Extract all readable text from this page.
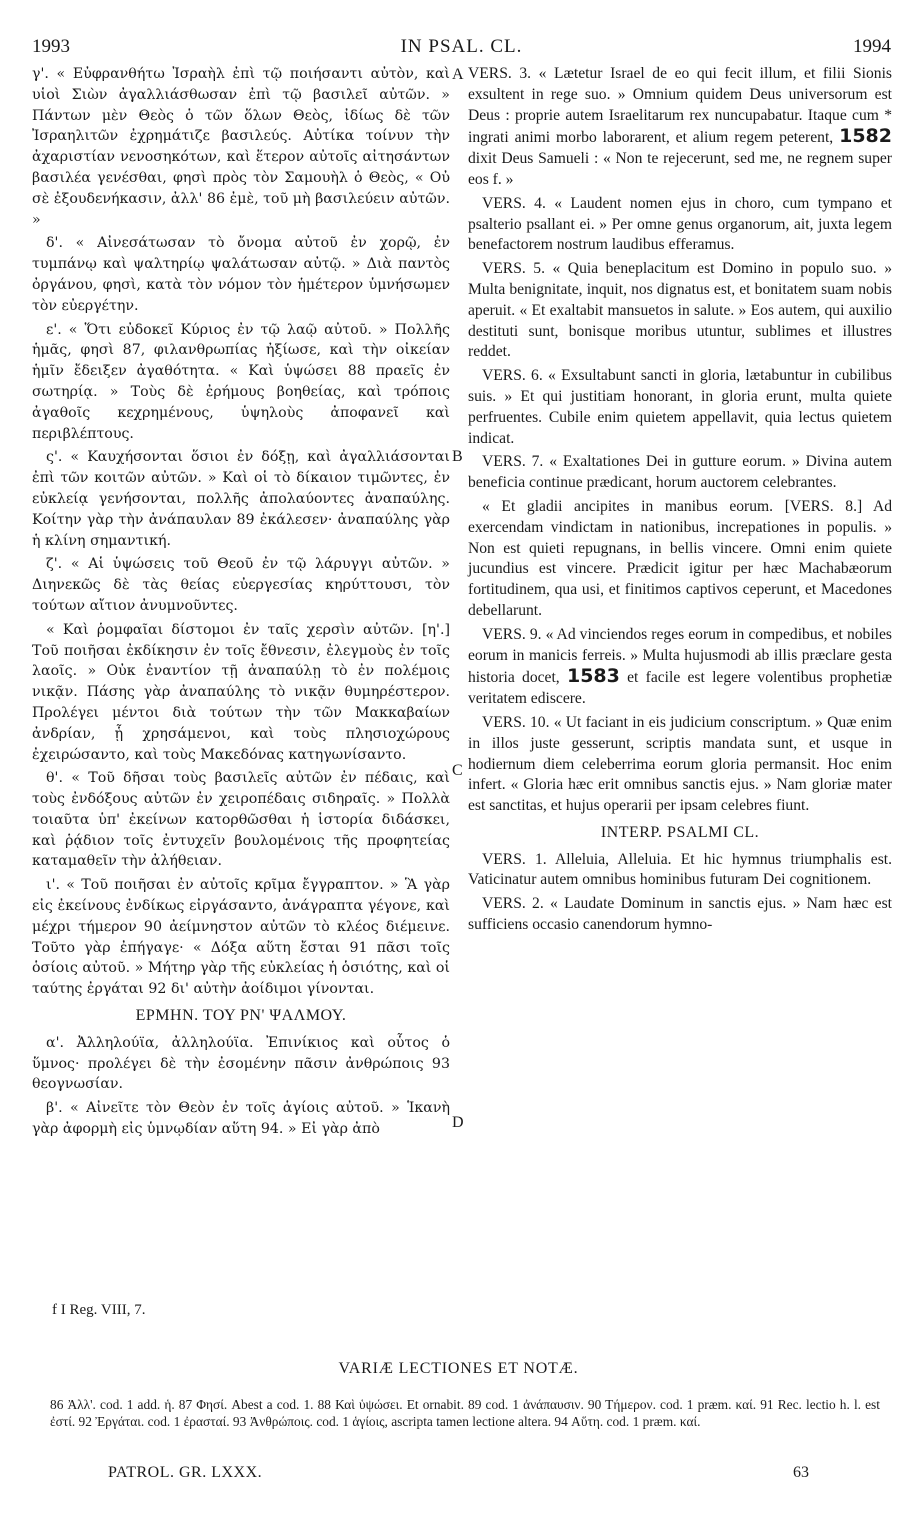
1993	IN PSAL. CL.	1994

γ'. « Εὐφρανθήτω Ἰσραὴλ ἐπὶ τῷ ποιήσαντι αὐτὸν, καὶ υἱοὶ Σιὼν ἀγαλλιάσθωσαν ἐπὶ τῷ βασιλεῖ αὐτῶν. » Πάντων μὲν Θεὸς ὁ τῶν ὅλων Θεὸς, ἰδίως δὲ τῶν Ἰσραηλιτῶν ἐχρημάτιζε βασιλεύς. Αὐτίκα τοίνυν τὴν ἀχαριστίαν νενοσηκότων, καὶ ἕτερον αὐτοῖς αἰτησάντων βασιλέα γενέσθαι, φησὶ πρὸς τὸν Σαμουὴλ ὁ Θεὸς, « Οὐ σὲ ἐξουδενήκασιν, ἀλλ' 86 ἐμὲ, τοῦ μὴ βασιλεύειν αὐτῶν. »

δ'. « Αἰνεσάτωσαν τὸ ὄνομα αὐτοῦ ἐν χορῷ, ἐν τυμπάνῳ καὶ ψαλτηρίῳ ψαλάτωσαν αὐτῷ. » Διὰ παντὸς ὀργάνου, φησὶ, κατὰ τὸν νόμον τὸν ἡμέτερον ὑμνήσωμεν τὸν εὐεργέτην.

ε'. « Ὅτι εὐδοκεῖ Κύριος ἐν τῷ λαῷ αὐτοῦ. » Πολλῆς ἡμᾶς, φησὶ 87, φιλανθρωπίας ἠξίωσε, καὶ τὴν οἰκείαν ἡμῖν ἔδειξεν ἀγαθότητα. « Καὶ ὑψώσει 88 πραεῖς ἐν σωτηρίᾳ. » Τοὺς δὲ ἐρήμους βοηθείας, καὶ τρόποις ἀγαθοῖς κεχρημένους, ὑψηλοὺς ἀποφανεῖ καὶ περιβλέπτους.

ς'. « Καυχήσονται ὅσιοι ἐν δόξῃ, καὶ ἀγαλλιάσονται ἐπὶ τῶν κοιτῶν αὐτῶν. » Καὶ οἱ τὸ δίκαιον τιμῶντες, ἐν εὐκλείᾳ γενήσονται, πολλῆς ἀπολαύοντες ἀναπαύλης. Κοίτην γὰρ τὴν ἀνάπαυλαν 89 ἐκάλεσεν· ἀναπαύλης γὰρ ἡ κλίνη σημαντική.

ζ'. « Αἱ ὑψώσεις τοῦ Θεοῦ ἐν τῷ λάρυγγι αὐτῶν. » Διηνεκῶς δὲ τὰς θείας εὐεργεσίας κηρύττουσι, τὸν τούτων αἴτιον ἀνυμνοῦντες.

« Καὶ ῥομφαῖαι δίστομοι ἐν ταῖς χερσὶν αὐτῶν. [η'.] Τοῦ ποιῆσαι ἐκδίκησιν ἐν τοῖς ἔθνεσιν, ἐλεγμοὺς ἐν τοῖς λαοῖς. » Οὐκ ἐναντίον τῇ ἀναπαύλῃ τὸ ἐν πολέμοις νικᾷν. Πάσης γὰρ ἀναπαύλης τὸ νικᾷν θυμηρέστερον. Προλέγει μέντοι διὰ τούτων τὴν τῶν Μακκαβαίων ἀνδρίαν, ᾗ χρησάμενοι, καὶ τοὺς πλησιοχώρους ἐχειρώσαντο, καὶ τοὺς Μακεδόνας κατηγωνίσαντο.

θ'. « Τοῦ δῆσαι τοὺς βασιλεῖς αὐτῶν ἐν πέδαις, καὶ τοὺς ἐνδόξους αὐτῶν ἐν χειροπέδαις σιδηραῖς. » Πολλὰ τοιαῦτα ὑπ' ἐκείνων κατορθῶσθαι ἡ ἱστορία διδάσκει, καὶ ῥᾴδιον τοῖς ἐντυχεῖν βουλομένοις τῆς προφητείας καταμαθεῖν τὴν ἀλήθειαν.

ι'. « Τοῦ ποιῆσαι ἐν αὐτοῖς κρῖμα ἔγγραπτον. » Ἃ γὰρ εἰς ἐκείνους ἐνδίκως εἰργάσαντο, ἀνάγραπτα γέγονε, καὶ μέχρι τήμερον 90 ἀείμνηστον αὐτῶν τὸ κλέος διέμεινε. Τοῦτο γὰρ ἐπήγαγε· « Δόξα αὕτη ἔσται 91 πᾶσι τοῖς ὁσίοις αὐτοῦ. » Μήτηρ γὰρ τῆς εὐκλείας ἡ ὁσιότης, καὶ οἱ ταύτης ἐργάται 92 δι' αὐτὴν ἀοίδιμοι γίνονται.

ΕΡΜΗΝ. ΤΟΥ ΡΝ' ΨΑΛΜΟΥ.

α'. Ἀλληλούϊα, ἀλληλούϊα. Ἐπινίκιος καὶ οὗτος ὁ ὕμνος· προλέγει δὲ τὴν ἐσομένην πᾶσιν ἀνθρώποις 93 θεογνωσίαν.

β'. « Αἰνεῖτε τὸν Θεὸν ἐν τοῖς ἁγίοις αὐτοῦ. » Ἱκανὴ γὰρ ἀφορμὴ εἰς ὑμνῳδίαν αὕτη 94. » Εἰ γὰρ ἀπὸ

VERS. 3. « Lætetur Israel de eo qui fecit illum, et filii Sionis exsultent in rege suo. » Omnium quidem Deus universorum est Deus : proprie autem Israelitarum rex nuncupabatur. Itaque cum * ingrati animi morbo laborarent, et alium regem peterent, 1582 dixit Deus Samueli : « Non te rejecerunt, sed me, ne regnem super eos f. »

VERS. 4. « Laudent nomen ejus in choro, cum tympano et psalterio psallant ei. » Per omne genus organorum, ait, juxta legem benefactorem nostrum laudibus efferamus.

VERS. 5. « Quia beneplacitum est Domino in populo suo. » Multa benignitate, inquit, nos dignatus est, et bonitatem suam nobis aperuit. « Et exaltabit mansuetos in salute. » Eos autem, qui auxilio destituti sunt, bonisque moribus utuntur, sublimes et illustres reddet.

VERS. 6. « Exsultabunt sancti in gloria, lætabuntur in cubilibus suis. » Et qui justitiam honorant, in gloria erunt, multa quiete perfruentes. Cubile enim quietem appellavit, quia lectus quietem indicat.

VERS. 7. « Exaltationes Dei in gutture eorum. » Divina autem beneficia continue prædicant, horum auctorem celebrantes.

« Et gladii ancipites in manibus eorum. [VERS. 8.] Ad exercendam vindictam in nationibus, increpationes in populis. » Non est quieti repugnans, in bellis vincere. Omni enim quiete jucundius est vincere. Prædicit igitur per hæc Machabæorum fortitudinem, qua usi, et finitimos captivos ceperunt, et Macedones debellarunt.

VERS. 9. « Ad vinciendos reges eorum in compedibus, et nobiles eorum in manicis ferreis. » Multa hujusmodi ab illis præclare gesta historia docet, 1583 et facile est legere volentibus prophetiæ veritatem ediscere.

VERS. 10. « Ut faciant in eis judicium conscriptum. » Quæ enim in illos juste gesserunt, scriptis mandata sunt, et usque in hodiernum diem celeberrima eorum gloria permansit. Hoc enim infert. « Gloria hæc erit omnibus sanctis ejus. » Nam gloriæ mater est sanctitas, et hujus operarii per ipsam celebres fiunt.

INTERP. PSALMI CL.

VERS. 1. Alleluia, Alleluia. Et hic hymnus triumphalis est. Vaticinatur autem omnibus hominibus futuram Dei cognitionem.

VERS. 2. « Laudate Dominum in sanctis ejus. » Nam hæc est sufficiens occasio canendorum hymno-

A
B
C
D
f I Reg. VIII, 7.
VARIÆ LECTIONES ET NOTÆ.
86 Ἀλλ'. cod. 1 add. ἡ. 87 Φησί. Abest a cod. 1. 88 Καὶ ὑψώσει. Et ornabit. 89 cod. 1 ἀνάπαυσιν. 90 Τήμερον. cod. 1 præm. καί. 91 Rec. lectio h. l. est ἐστί. 92 Ἐργάται. cod. 1 ἐρασταί. 93 Ἀνθρώποις. cod. 1 ἁγίοις, ascripta tamen lectione altera. 94 Αὕτη. cod. 1 præm. καί.
PATROL. GR. LXXX.	63
